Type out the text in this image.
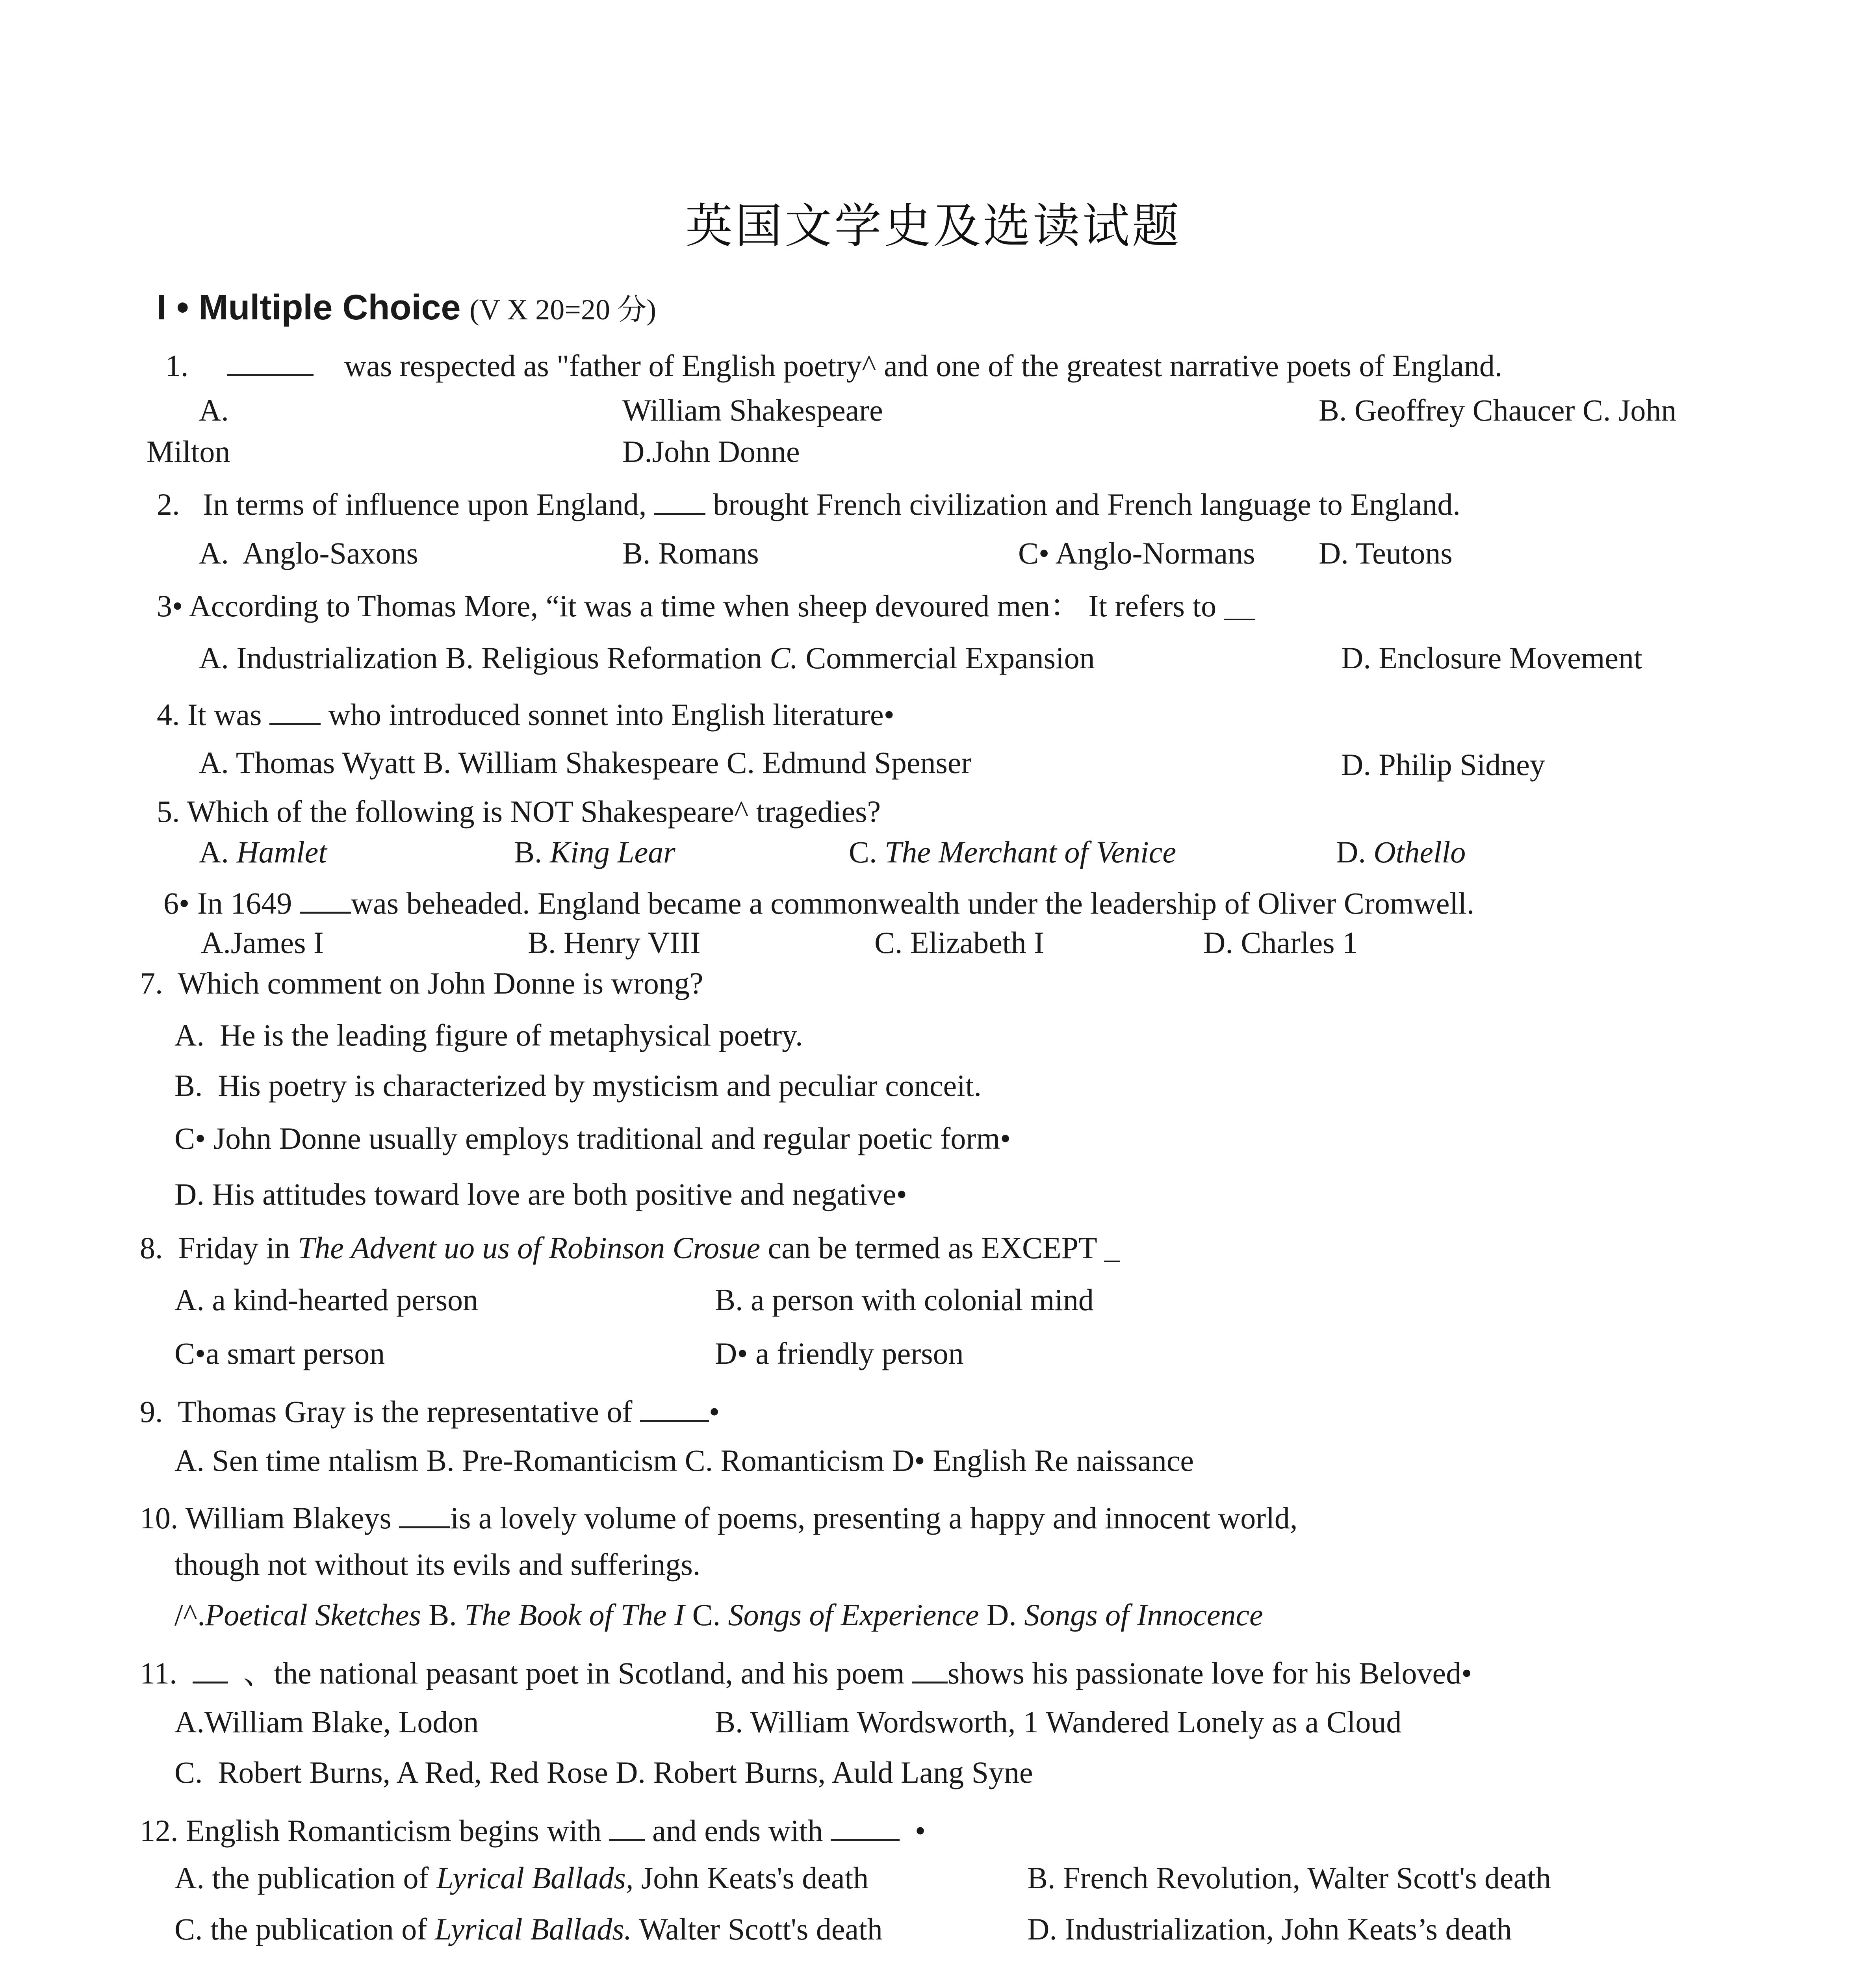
英国文学史及选读试题
I • Multiple Choice (V X 20=20 分)
1.	was respected as "father of English poetry^ and one of the greatest narrative poets of England.
A.	William Shakespeare	B. Geoffrey Chaucer C. John
Milton	D.John Donne
2.   In terms of influence upon England,  brought French civilization and French language to England.
A.  Anglo-Saxons	B. Romans	C• Anglo-Normans D. Teutons
3• According to Thomas More, “it was a time when sheep devoured men： It refers to __
A. Industrialization B. Religious Reformation C. Commercial Expansion	D. Enclosure Movement
4. It was  who introduced sonnet into English literature•
A. Thomas Wyatt B. William Shakespeare C. Edmund Spenser	D. Philip Sidney
5. Which of the following is NOT Shakespeare^ tragedies?
A. Hamlet	B. King Lear	C. The Merchant of Venice	D. Othello
6• In 1649 was beheaded. England became a commonwealth under the leadership of Oliver Cromwell.
A.James I	B. Henry VIII	C. Elizabeth I	D. Charles 1
7.  Which comment on John Donne is wrong?
A.  He is the leading figure of metaphysical poetry.
B.  His poetry is characterized by mysticism and peculiar conceit.
C• John Donne usually employs traditional and regular poetic form•
D. His attitudes toward love are both positive and negative•
8.  Friday in The Advent uo us of Robinson Crosue can be termed as EXCEPT _
A. a kind-hearted person	B. a person with colonial mind
C•a smart person	D• a friendly person
9.  Thomas Gray is the representative of •
A. Sen time ntalism B. Pre-Romanticism C. Romanticism D• English Re naissance
10. William Blakeys is a lovely volume of poems, presenting a happy and innocent world,
though not without its evils and sufferings.
/^.Poetical Sketches B. The Book of The I C. Songs of Experience D. Songs of Innocence
11.    、the national peasant poet in Scotland, and his poem shows his passionate love for his Beloved•
A.William Blake, Lodon	B. William Wordsworth, 1 Wandered Lonely as a Cloud
C.  Robert Burns, A Red, Red Rose D. Robert Burns, Auld Lang Syne
12. English Romanticism begins with  and ends with   •
A. the publication of Lyrical Ballads, John Keats's death	B. French Revolution, Walter Scott's death
C. the publication of Lyrical Ballads. Walter Scott's death	D. Industrialization, John Keats’s death
